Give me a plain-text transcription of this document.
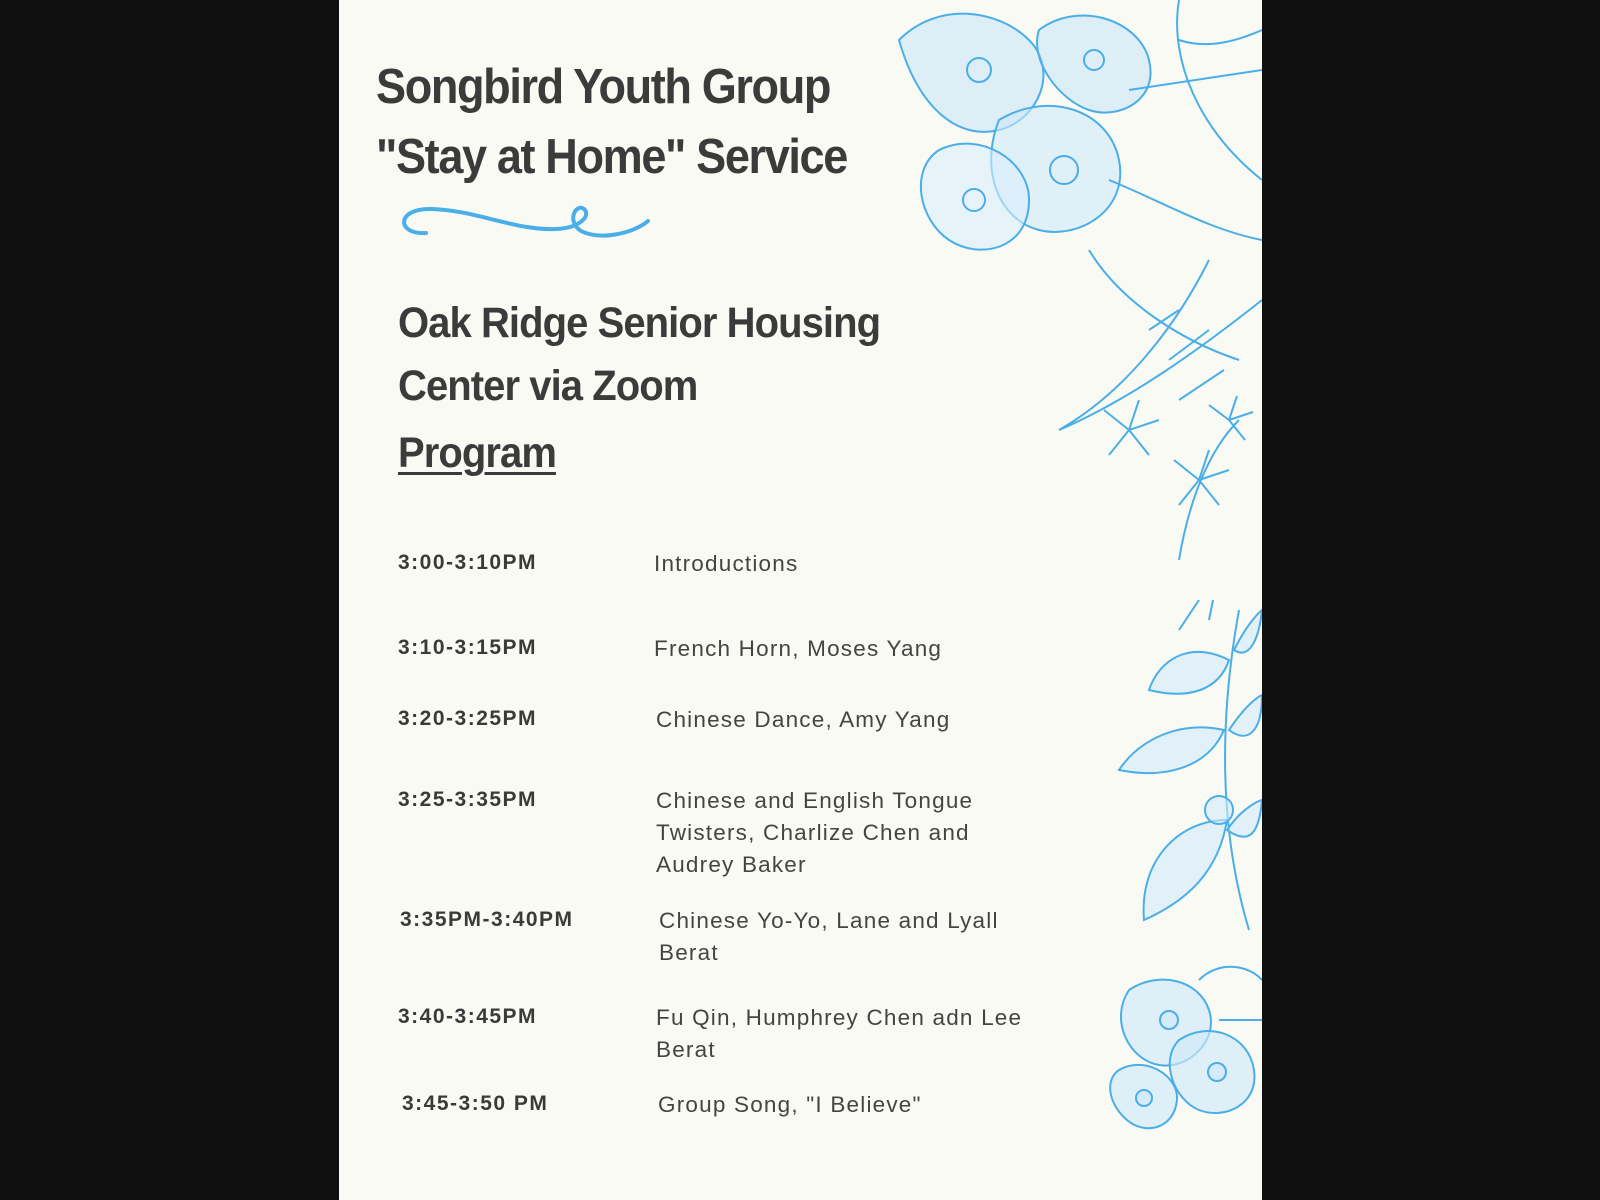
Songbird Youth Group
"Stay at Home" Service
Oak Ridge Senior Housing
Center via Zoom
Program
3:00-3:10PM	Introductions
3:10-3:15PM	French Horn, Moses Yang
3:20-3:25PM	Chinese Dance, Amy Yang
3:25-3:35PM	Chinese and English Tongue
Twisters, Charlize Chen and
Audrey Baker
3:35PM-3:40PM	Chinese Yo-Yo, Lane and Lyall
Berat
3:40-3:45PM	Fu Qin, Humphrey Chen adn Lee
Berat
3:45-3:50 PM	Group Song, "I Believe"
